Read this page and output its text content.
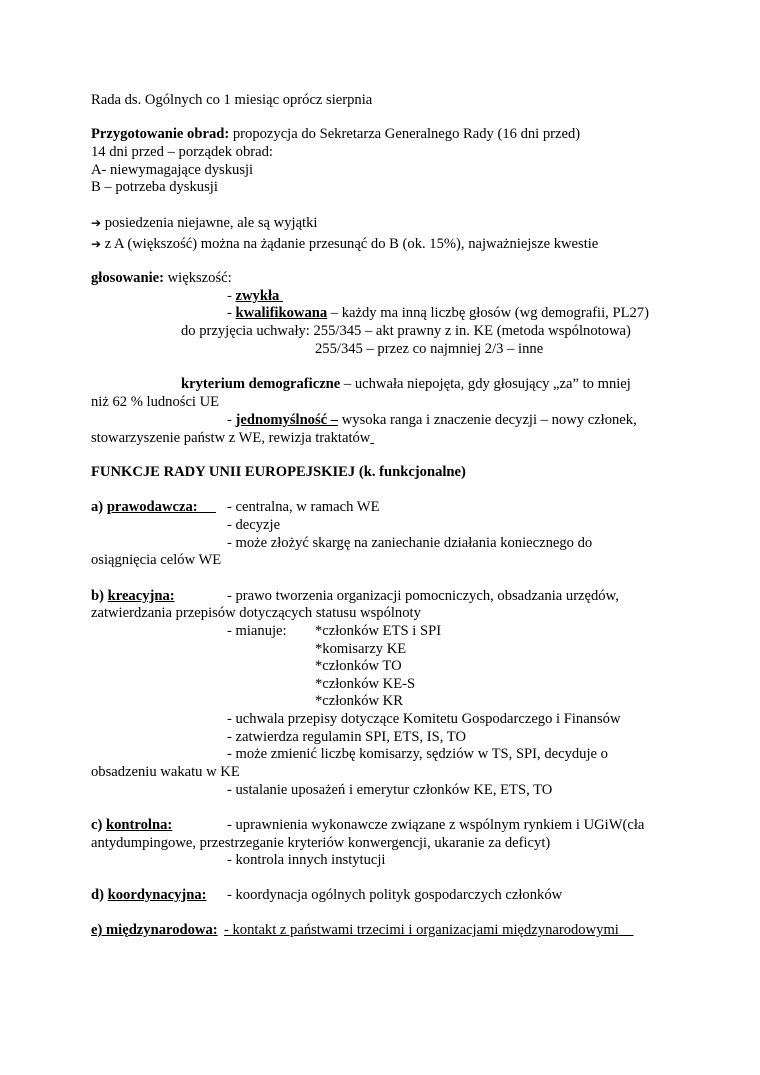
Rada ds. Ogólnych co 1 miesiąc oprócz sierpnia
Przygotowanie obrad: propozycja do Sekretarza Generalnego Rady (16 dni przed)
14 dni przed – porządek obrad:
A- niewymagające dyskusji
B – potrzeba dyskusji
➔ posiedzenia niejawne, ale są wyjątki
➔ z A (większość) można na żądanie przesunąć do B (ok. 15%), najważniejsze kwestie
głosowanie: większość:
- zwykła
- kwalifikowana – każdy ma inną liczbę głosów (wg demografii, PL27)
do przyjęcia uchwały: 255/345 – akt prawny z in. KE (metoda wspólnotowa)
255/345 – przez co najmniej 2/3 – inne
kryterium demograficzne – uchwała niepojęta, gdy głosujący „za” to mniej
niż 62 % ludności UE
- jednomyślność – wysoka ranga i znaczenie decyzji – nowy członek,
stowarzyszenie państw z WE, rewizja traktatów
FUNKCJE RADY UNII EUROPEJSKIEJ (k. funkcjonalne)
a) prawodawcza:	- centralna, w ramach WE
- decyzje
- może złożyć skargę na zaniechanie działania koniecznego do
osiągnięcia celów WE
b) kreacyjna:	- prawo tworzenia organizacji pomocniczych, obsadzania urzędów,
zatwierdzania przepisów dotyczących statusu wspólnoty
- mianuje: *członków ETS i SPI
*komisarzy KE
*członków TO
*członków KE-S
*członków KR
- uchwala przepisy dotyczące Komitetu Gospodarczego i Finansów
- zatwierdza regulamin SPI, ETS, IS, TO
- może zmienić liczbę komisarzy, sędziów w TS, SPI, decyduje o
obsadzeniu wakatu w KE
- ustalanie uposażeń i emerytur członków KE, ETS, TO
c) kontrolna:	- uprawnienia wykonawcze związane z wspólnym rynkiem i UGiW(cła
antydumpingowe, przestrzeganie kryteriów konwergencji, ukaranie za deficyt)
- kontrola innych instytucji
d) koordynacyjna: - koordynacja ogólnych polityk gospodarczych członków
e) międzynarodowa: - kontakt z państwami trzecimi i organizacjami międzynarodowymi
